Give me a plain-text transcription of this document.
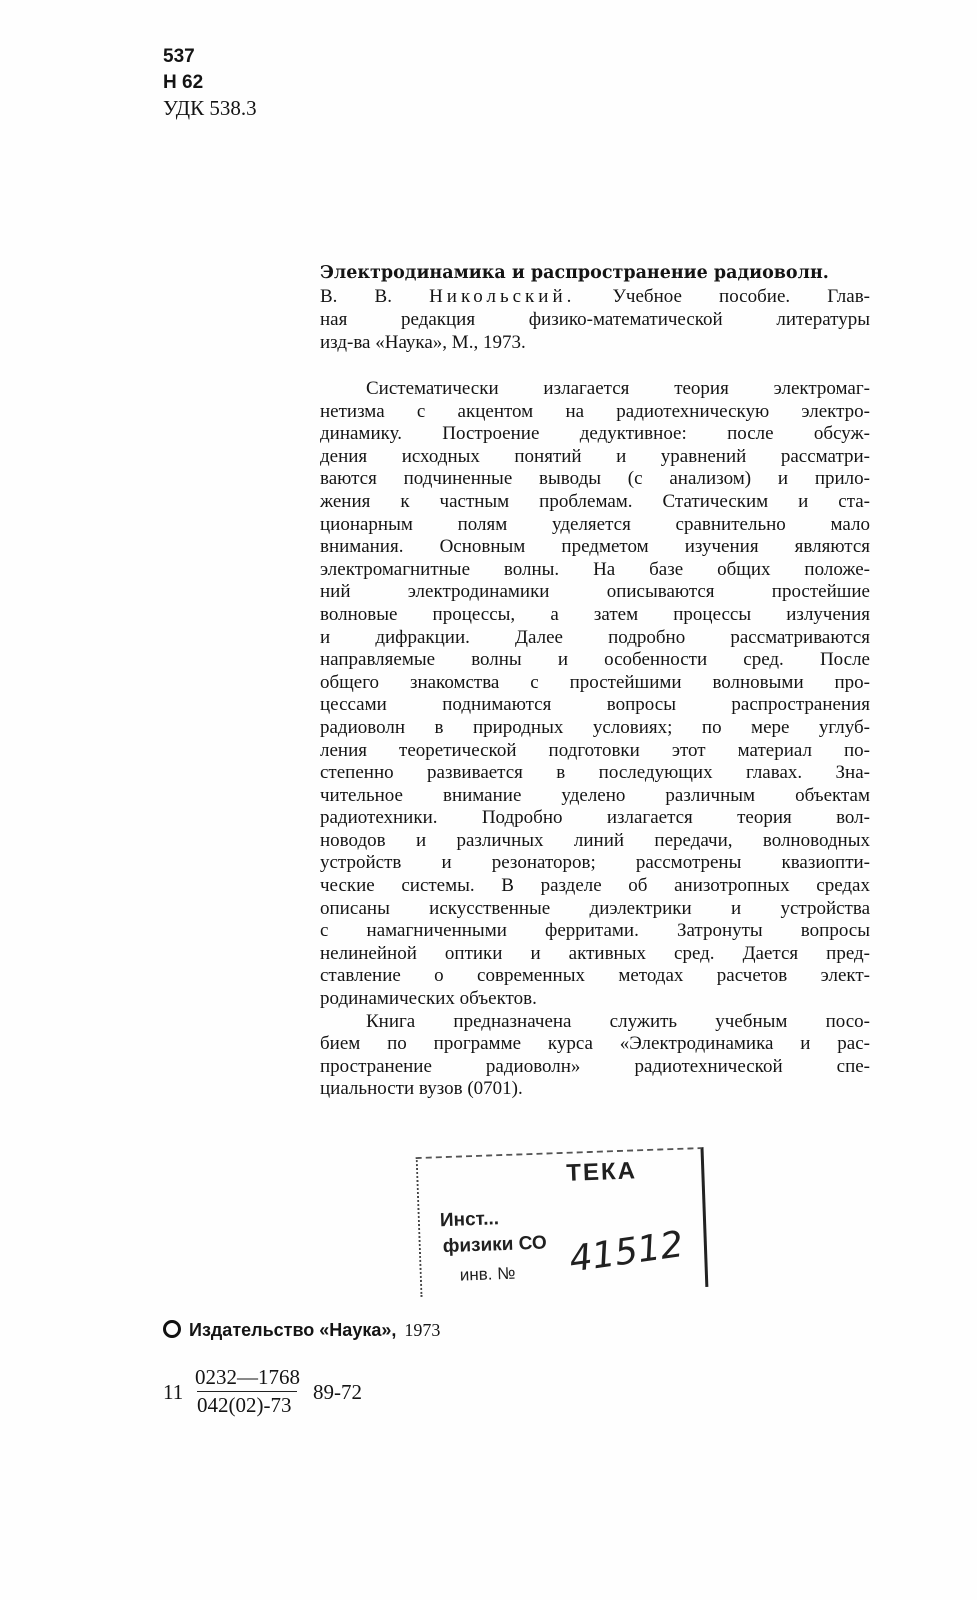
537
Н 62
УДК 538.3
Электродинамика и распространение радиоволн.
В. В. Никольский. Учебное пособие. Глав-
ная редакция физико-математической литературы
изд-ва «Наука», М., 1973.
Систематически излагается теория электромаг-
нетизма с акцентом на радиотехническую электро-
динамику. Построение дедуктивное: после обсуж-
дения исходных понятий и уравнений рассматри-
ваются подчиненные выводы (с анализом) и прило-
жения к частным проблемам. Статическим и ста-
ционарным полям уделяется сравнительно мало
внимания. Основным предметом изучения являются
электромагнитные волны. На базе общих положе-
ний электродинамики описываются простейшие
волновые процессы, а затем процессы излучения
и дифракции. Далее подробно рассматриваются
направляемые волны и особенности сред. После
общего знакомства с простейшими волновыми про-
цессами поднимаются вопросы распространения
радиоволн в природных условиях; по мере углуб-
ления теоретической подготовки этот материал по-
степенно развивается в последующих главах. Зна-
чительное внимание уделено различным объектам
радиотехники. Подробно излагается теория вол-
новодов и различных линий передачи, волноводных
устройств и резонаторов; рассмотрены квазиопти-
ческие системы. В разделе об анизотропных средах
описаны искусственные диэлектрики и устройства
с намагниченными ферритами. Затронуты вопросы
нелинейной оптики и активных сред. Дается пред-
ставление о современных методах расчетов элект-
родинамических объектов.
Книга предназначена служить учебным посо-
бием по программе курса «Электродинамика и рас-
пространение радиоволн» радиотехнической спе-
циальности вузов (0701).
ТЕКА
Инст...
физики СО
инв. № 41512
Издательство «Наука», 1973
11
0232—1768
042(02)-73
89-72
